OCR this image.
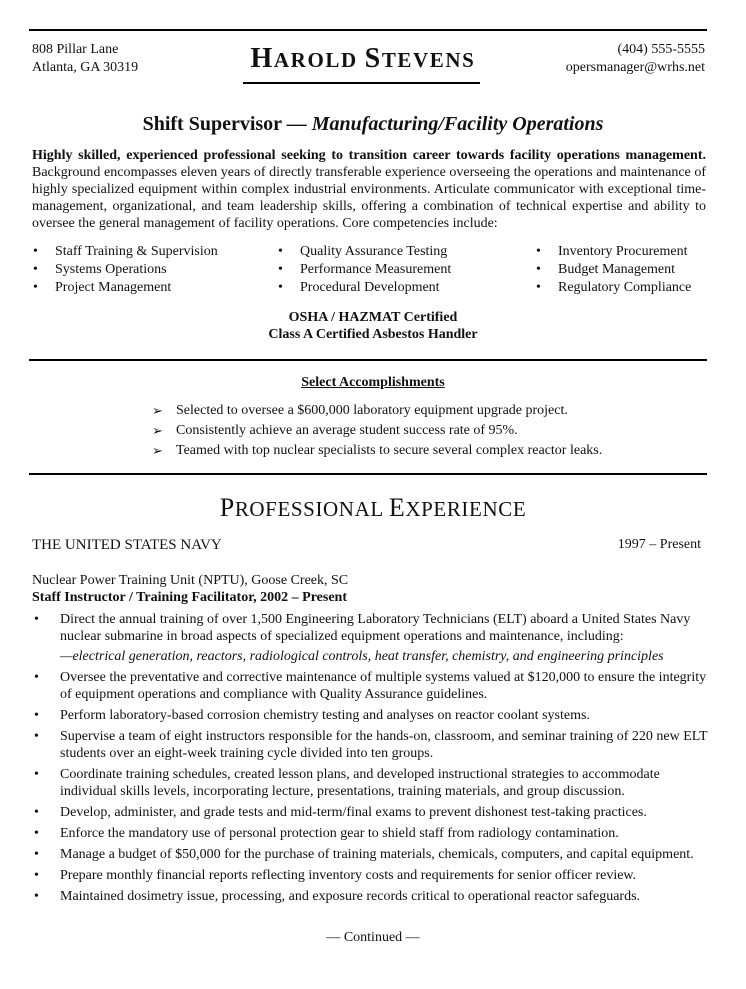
808 Pillar Lane
Atlanta, GA 30319	HAROLD STEVENS	(404) 555-5555
opersmanager@wrhs.net
Shift Supervisor — Manufacturing/Facility Operations
Highly skilled, experienced professional seeking to transition career towards facility operations management. Background encompasses eleven years of directly transferable experience overseeing the operations and maintenance of highly specialized equipment within complex industrial environments. Articulate communicator with exceptional time-management, organizational, and team leadership skills, offering a combination of technical expertise and ability to oversee the general management of facility operations. Core competencies include:
• Staff Training & Supervision
• Systems Operations
• Project Management
• Quality Assurance Testing
• Performance Measurement
• Procedural Development
• Inventory Procurement
• Budget Management
• Regulatory Compliance
OSHA / HAZMAT Certified
Class A Certified Asbestos Handler
Select Accomplishments
➢ Selected to oversee a $600,000 laboratory equipment upgrade project.
➢ Consistently achieve an average student success rate of 95%.
➢ Teamed with top nuclear specialists to secure several complex reactor leaks.
PROFESSIONAL EXPERIENCE
THE UNITED STATES NAVY	1997 – Present
Nuclear Power Training Unit (NPTU), Goose Creek, SC
Staff Instructor / Training Facilitator, 2002 – Present
• Direct the annual training of over 1,500 Engineering Laboratory Technicians (ELT) aboard a United States Navy nuclear submarine in broad aspects of specialized equipment operations and maintenance, including:
—electrical generation, reactors, radiological controls, heat transfer, chemistry, and engineering principles
• Oversee the preventative and corrective maintenance of multiple systems valued at $120,000 to ensure the integrity of equipment operations and compliance with Quality Assurance guidelines.
• Perform laboratory-based corrosion chemistry testing and analyses on reactor coolant systems.
• Supervise a team of eight instructors responsible for the hands-on, classroom, and seminar training of 220 new ELT students over an eight-week training cycle divided into ten groups.
• Coordinate training schedules, created lesson plans, and developed instructional strategies to accommodate individual skills levels, incorporating lecture, presentations, training materials, and group discussion.
• Develop, administer, and grade tests and mid-term/final exams to prevent dishonest test-taking practices.
• Enforce the mandatory use of personal protection gear to shield staff from radiology contamination.
• Manage a budget of $50,000 for the purchase of training materials, chemicals, computers, and capital equipment.
• Prepare monthly financial reports reflecting inventory costs and requirements for senior officer review.
• Maintained dosimetry issue, processing, and exposure records critical to operational reactor safeguards.
— Continued —
